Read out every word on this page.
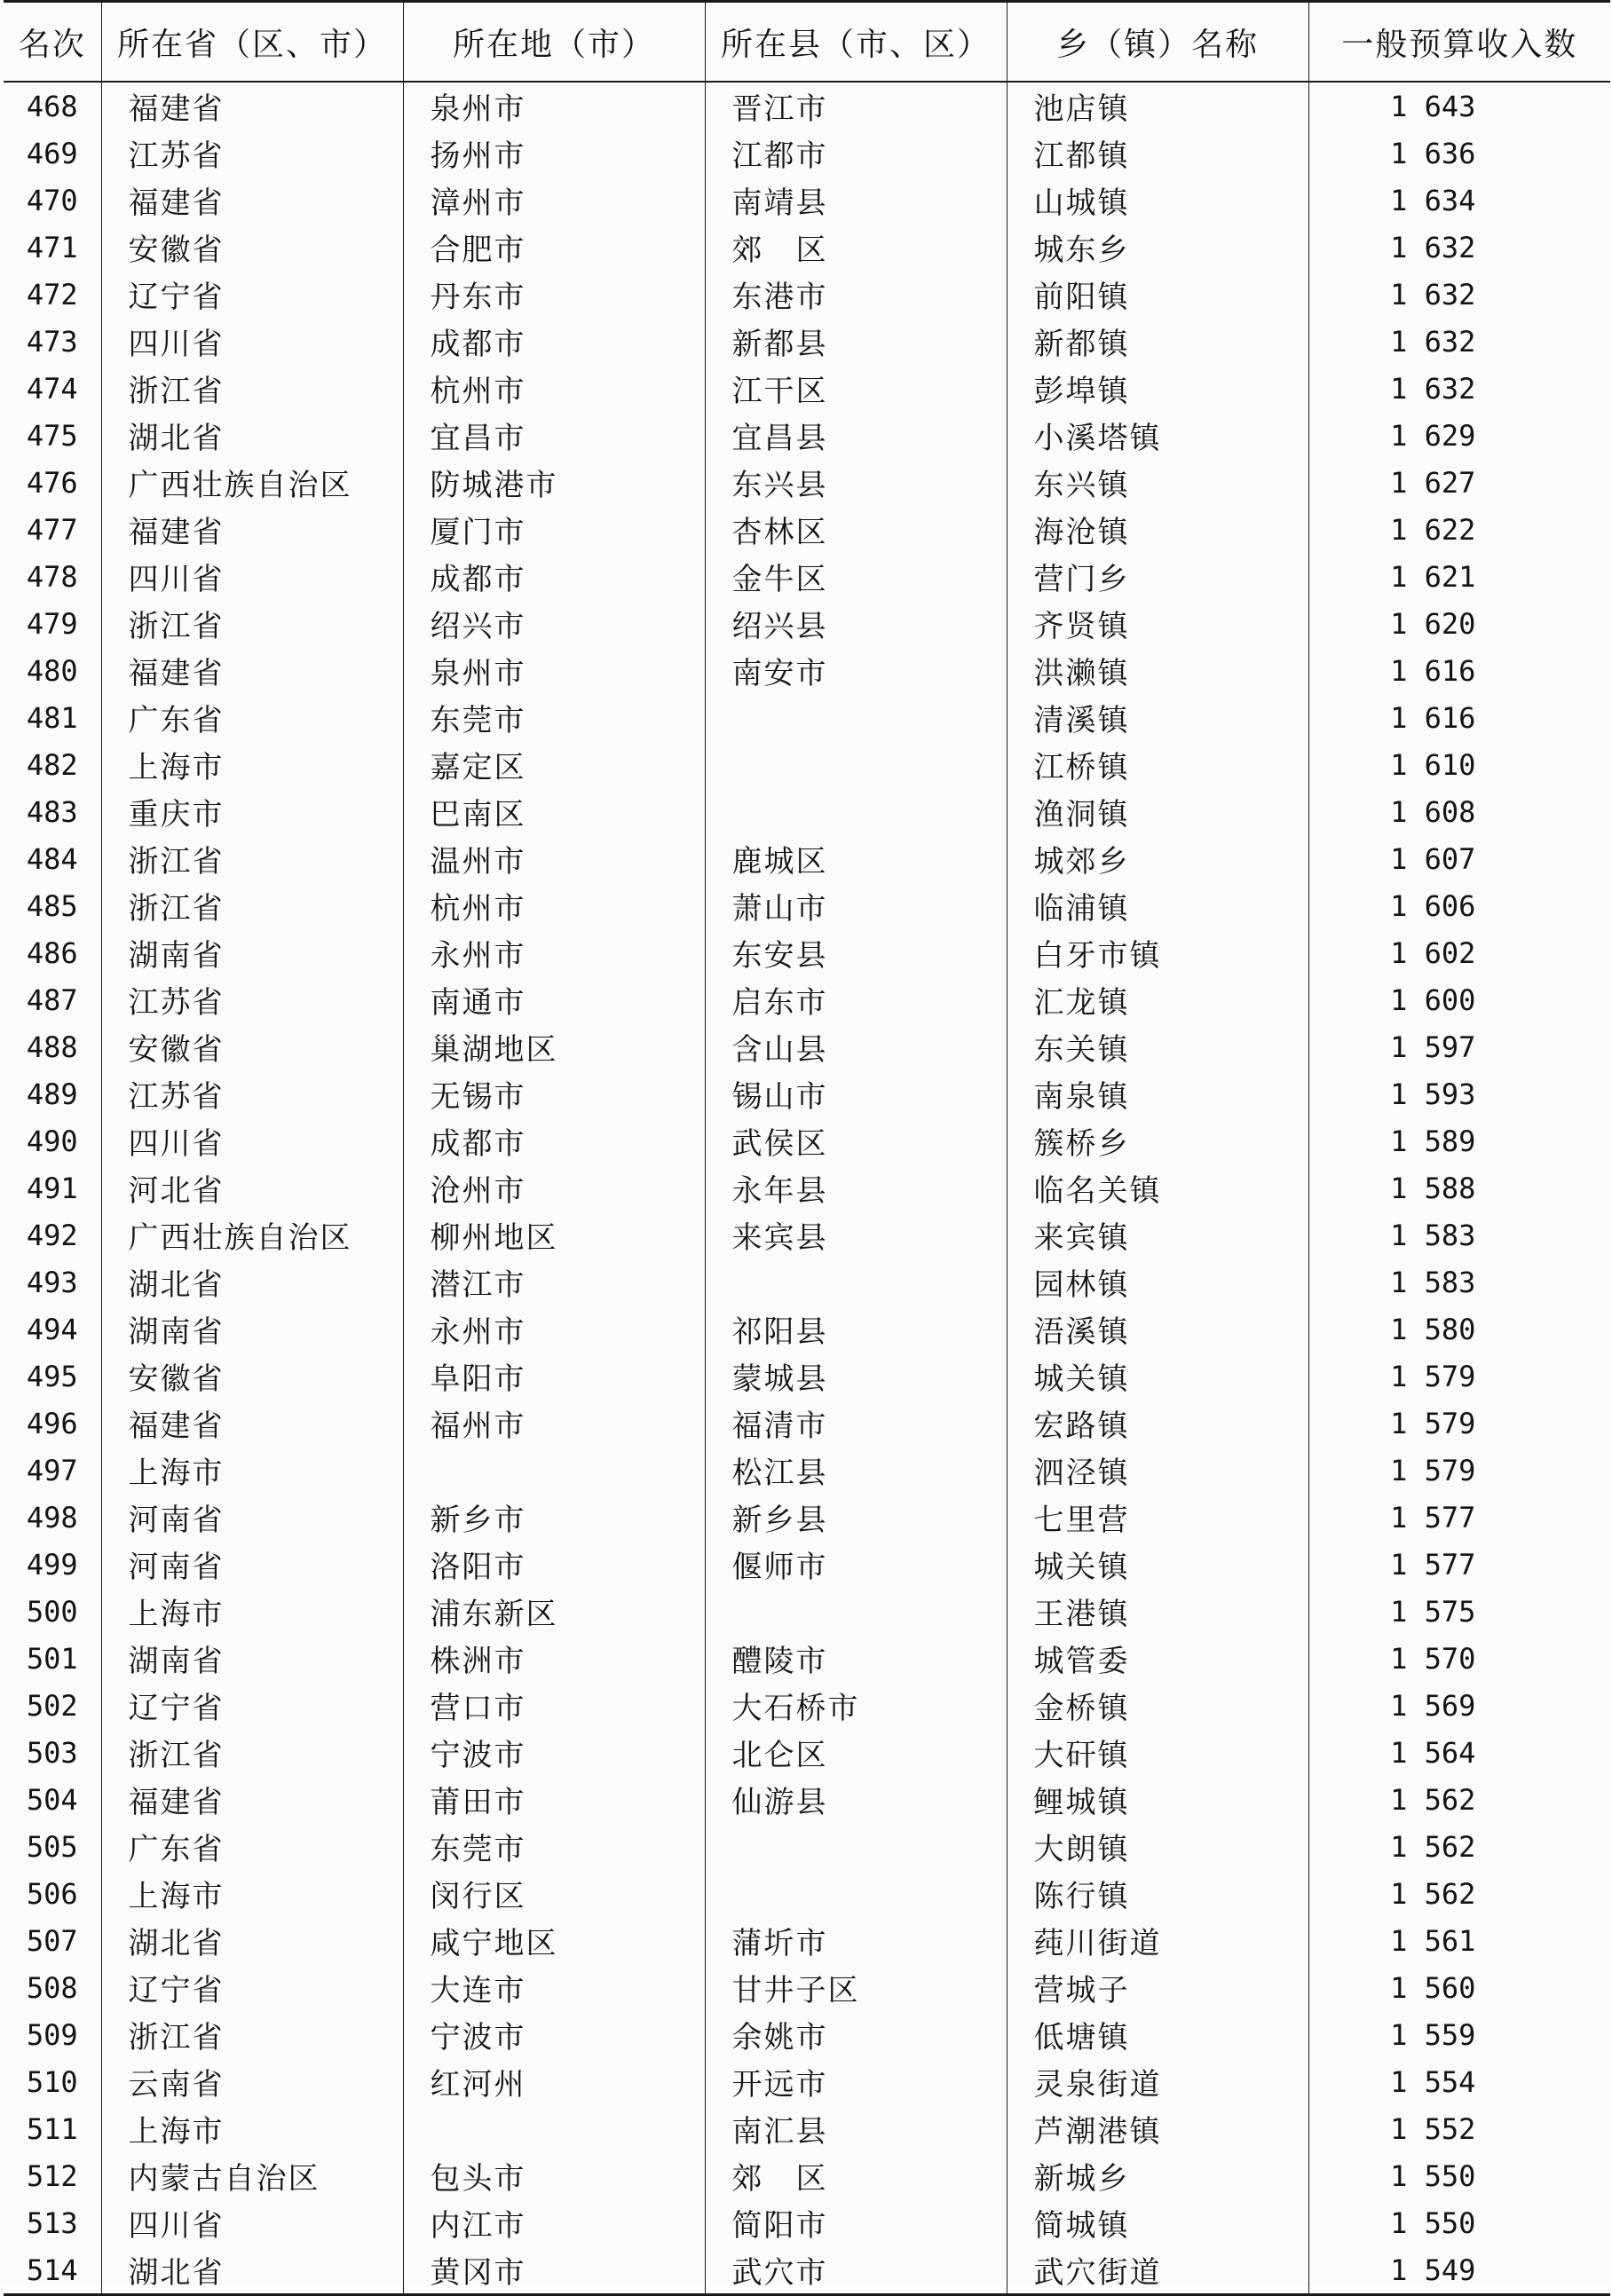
名次	所在省（区、市）	所在地（市）	所在县（市、区）	乡（镇）名称	一般预算收入数
468	福建省	泉州市	晋江市	池店镇	1 643
469	江苏省	扬州市	江都市	江都镇	1 636
470	福建省	漳州市	南靖县	山城镇	1 634
471	安徽省	合肥市	郊　区	城东乡	1 632
472	辽宁省	丹东市	东港市	前阳镇	1 632
473	四川省	成都市	新都县	新都镇	1 632
474	浙江省	杭州市	江干区	彭埠镇	1 632
475	湖北省	宜昌市	宜昌县	小溪塔镇	1 629
476	广西壮族自治区	防城港市	东兴县	东兴镇	1 627
477	福建省	厦门市	杏林区	海沧镇	1 622
478	四川省	成都市	金牛区	营门乡	1 621
479	浙江省	绍兴市	绍兴县	齐贤镇	1 620
480	福建省	泉州市	南安市	洪濑镇	1 616
481	广东省	东莞市		清溪镇	1 616
482	上海市	嘉定区		江桥镇	1 610
483	重庆市	巴南区		渔洞镇	1 608
484	浙江省	温州市	鹿城区	城郊乡	1 607
485	浙江省	杭州市	萧山市	临浦镇	1 606
486	湖南省	永州市	东安县	白牙市镇	1 602
487	江苏省	南通市	启东市	汇龙镇	1 600
488	安徽省	巢湖地区	含山县	东关镇	1 597
489	江苏省	无锡市	锡山市	南泉镇	1 593
490	四川省	成都市	武侯区	簇桥乡	1 589
491	河北省	沧州市	永年县	临名关镇	1 588
492	广西壮族自治区	柳州地区	来宾县	来宾镇	1 583
493	湖北省	潜江市		园林镇	1 583
494	湖南省	永州市	祁阳县	浯溪镇	1 580
495	安徽省	阜阳市	蒙城县	城关镇	1 579
496	福建省	福州市	福清市	宏路镇	1 579
497	上海市		松江县	泗泾镇	1 579
498	河南省	新乡市	新乡县	七里营	1 577
499	河南省	洛阳市	偃师市	城关镇	1 577
500	上海市	浦东新区		王港镇	1 575
501	湖南省	株洲市	醴陵市	城管委	1 570
502	辽宁省	营口市	大石桥市	金桥镇	1 569
503	浙江省	宁波市	北仑区	大矸镇	1 564
504	福建省	莆田市	仙游县	鲤城镇	1 562
505	广东省	东莞市		大朗镇	1 562
506	上海市	闵行区		陈行镇	1 562
507	湖北省	咸宁地区	蒲圻市	莼川街道	1 561
508	辽宁省	大连市	甘井子区	营城子	1 560
509	浙江省	宁波市	余姚市	低塘镇	1 559
510	云南省	红河州	开远市	灵泉街道	1 554
511	上海市		南汇县	芦潮港镇	1 552
512	内蒙古自治区	包头市	郊　区	新城乡	1 550
513	四川省	内江市	简阳市	简城镇	1 550
514	湖北省	黄冈市	武穴市	武穴街道	1 549
